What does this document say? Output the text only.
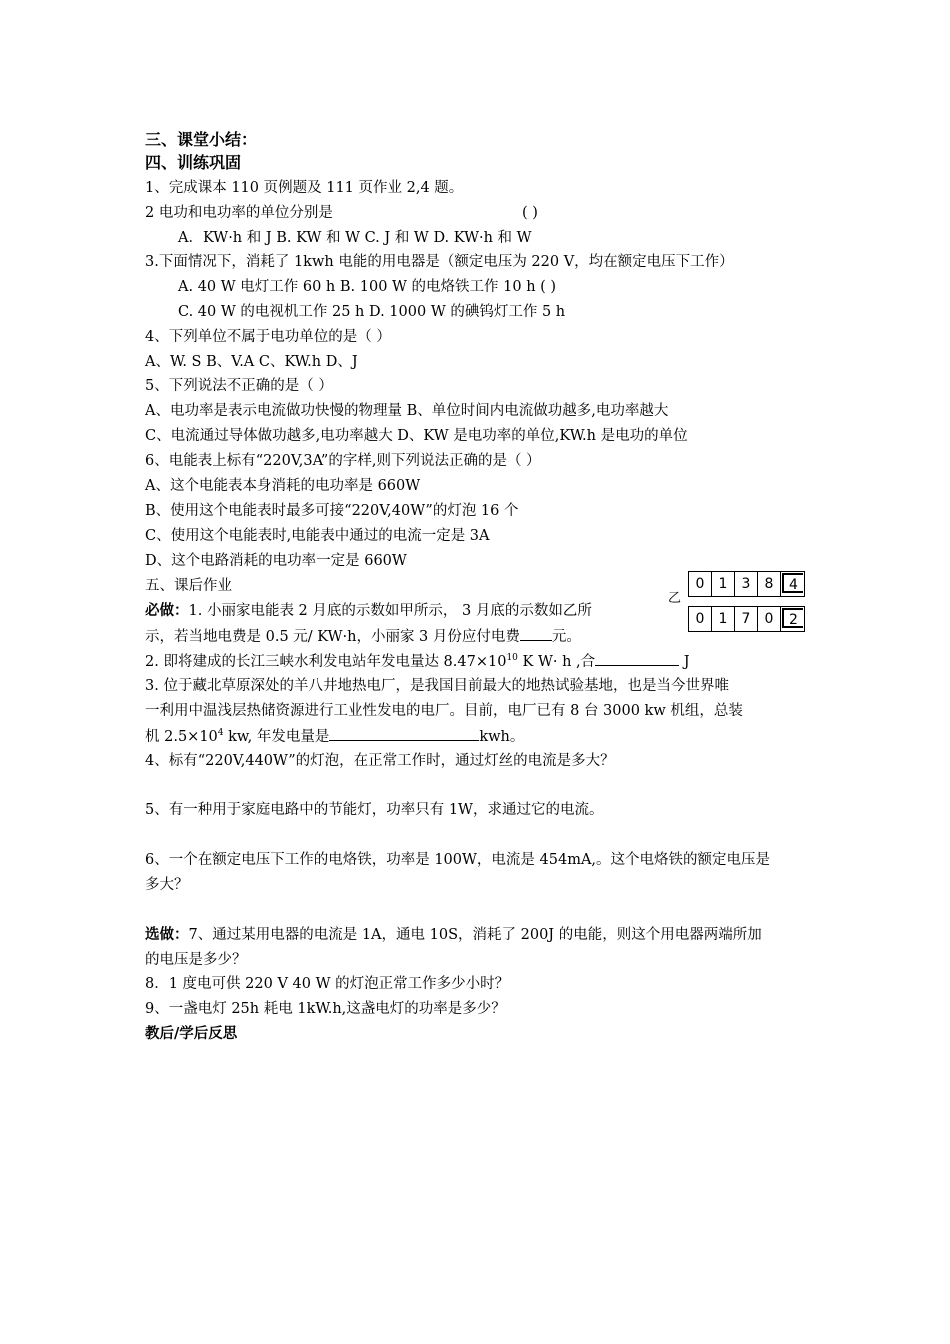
三、课堂小结：
四、训练巩固
1、完成课本 110 页例题及 111 页作业 2,4 题。
2 电功和电功率的单位分别是	( )
A．KW·h 和 J B. KW 和 W C. J 和 W D. KW·h 和 W
3.下面情况下，消耗了 1kwh 电能的用电器是（额定电压为 220 V，均在额定电压下工作）
A. 40 W 电灯工作 60 h B. 100 W 的电烙铁工作 10 h ( )
C. 40 W 的电视机工作 25 h D. 1000 W 的碘钨灯工作 5 h
4、下列单位不属于电功单位的是（ ）
A、W. S B、V.A C、KW.h D、J
5、下列说法不正确的是（ ）
A、电功率是表示电流做功快慢的物理量 B、单位时间内电流做功越多,电功率越大
C、电流通过导体做功越多,电功率越大 D、KW 是电功率的单位,KW.h 是电功的单位
6、电能表上标有“220V,3A”的字样,则下列说法正确的是（ ）
A、这个电能表本身消耗的电功率是 660W
B、使用这个电能表时最多可接“220V,40W”的灯泡 16 个
C、使用这个电能表时,电能表中通过的电流一定是 3A
D、这个电路消耗的电功率一定是 660W
五、课后作业
乙
0	1	3	8	4
0	1	7	0	2
必做：1. 小丽家电能表 2 月底的示数如甲所示， 3 月底的示数如乙所
示，若当地电费是 0.5 元/ KW·h，小丽家 3 月份应付电费 元。
2. 即将建成的长江三峡水利发电站年发电量达 $8.47\times 10^{10}$ K W· h ,合	J
3. 位于藏北草原深处的羊八井地热电厂，是我国目前最大的地热试验基地，也是当今世界唯
一利用中温浅层热储资源进行工业性发电的电厂。目前，电厂已有 8 台 3000 kw 机组，总装
机 $2.5\times 10^4$ kw, 年发电量是	kwh。
4、标有“220V,440W”的灯泡，在正常工作时，通过灯丝的电流是多大？
5、有一种用于家庭电路中的节能灯，功率只有 1W，求通过它的电流。
6、一个在额定电压下工作的电烙铁，功率是 100W，电流是 454mA,。这个电烙铁的额定电压是
多大？
选做：7、通过某用电器的电流是 1A，通电 10S，消耗了 200J 的电能，则这个用电器两端所加
的电压是多少？
8．1 度电可供 220 V 40 W 的灯泡正常工作多少小时？
9、一盏电灯 25h 耗电 1kW.h,这盏电灯的功率是多少？
教后/学后反思
